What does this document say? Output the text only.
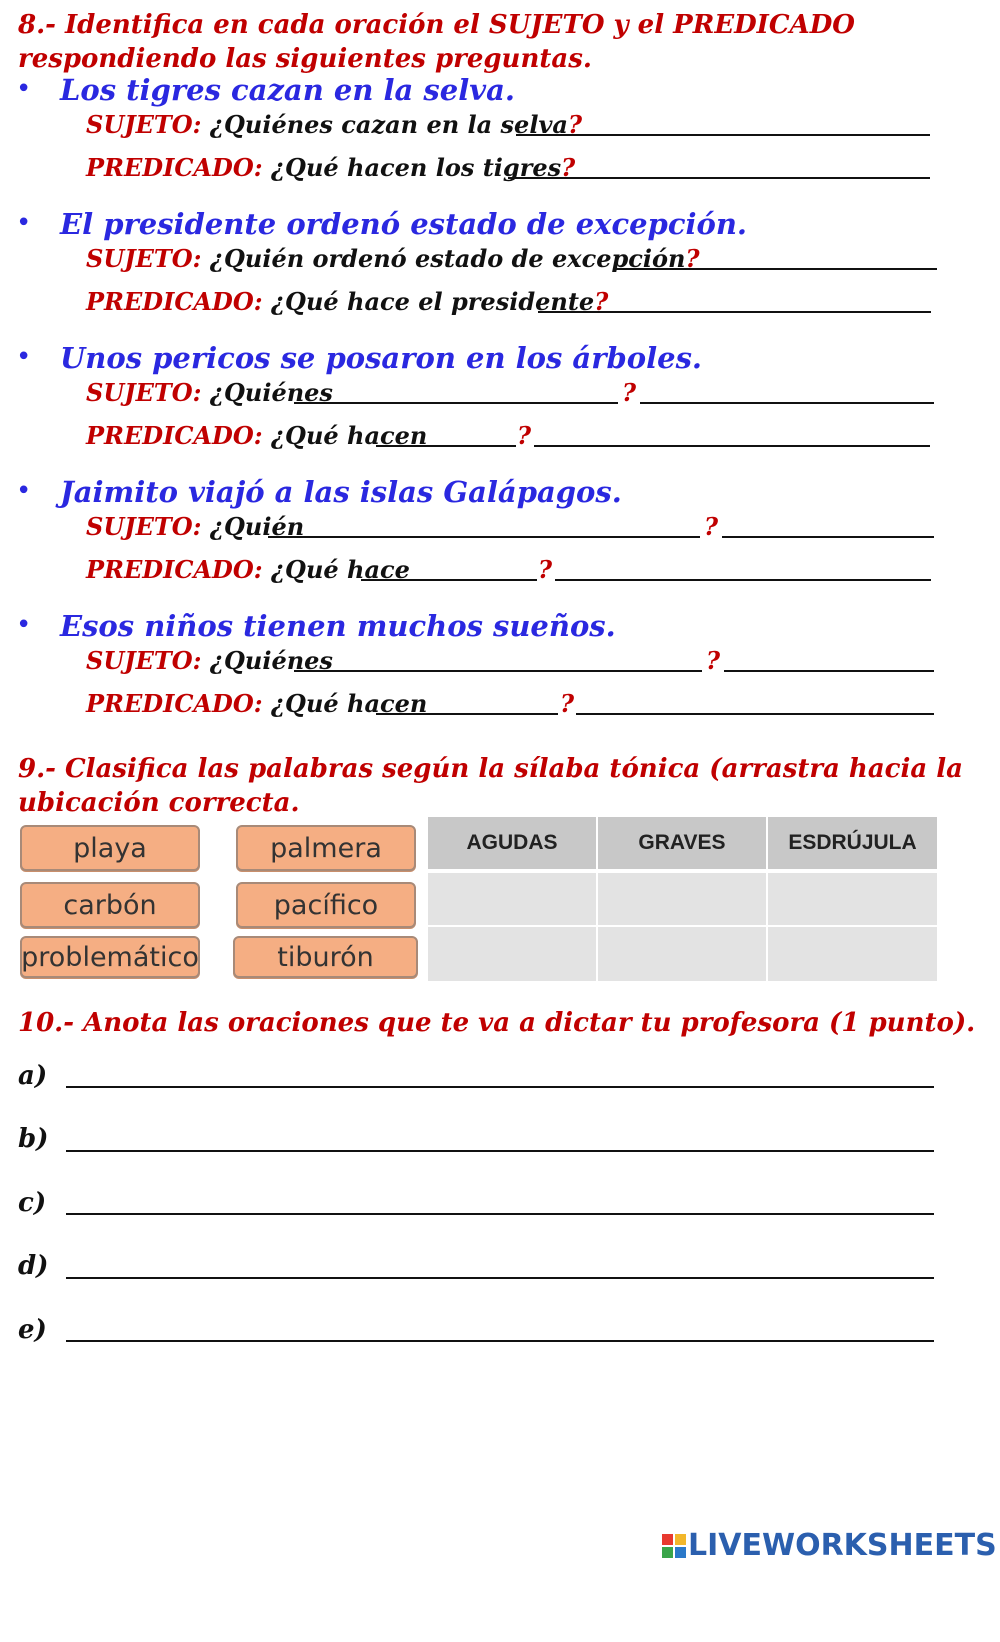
8.- Identifica en cada oración el SUJETO y el PREDICADO respondiendo las siguientes preguntas.
• Los tigres cazan en la selva.
SUJETO: ¿Quiénes cazan en la selva?
PREDICADO: ¿Qué hacen los tigres?
• El presidente ordenó estado de excepción.
SUJETO: ¿Quién ordenó estado de excepción?
PREDICADO: ¿Qué hace el presidente?
• Unos pericos se posaron en los árboles.
SUJETO: ¿Quiénes	?
PREDICADO: ¿Qué hacen	?
• Jaimito viajó a las islas Galápagos.
SUJETO: ¿Quién	?
PREDICADO: ¿Qué hace	?
• Esos niños tienen muchos sueños.
SUJETO: ¿Quiénes	?
PREDICADO: ¿Qué hacen	?
9.- Clasifica las palabras según la sílaba tónica (arrastra hacia la ubicación correcta.
playa	palmera
carbón	pacífico
problemático	tiburón
AGUDAS	GRAVES	ESDRÚJULA
10.- Anota las oraciones que te va a dictar tu profesora (1 punto).
a)
b)
c)
d)
e)
LIVEWORKSHEETS
